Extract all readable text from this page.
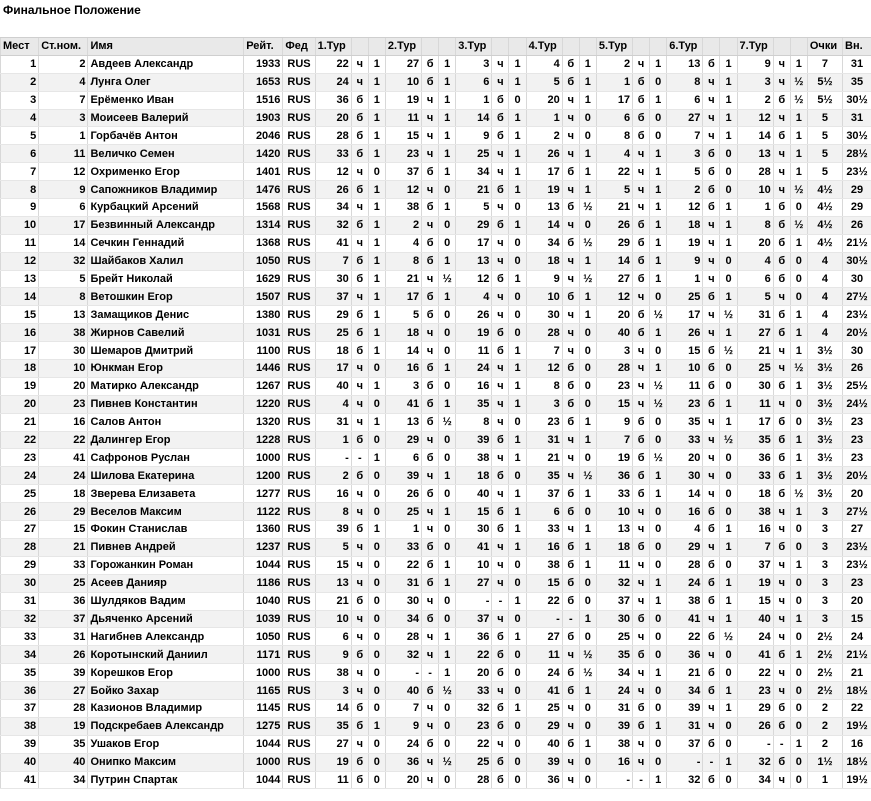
Финальное Положение
Мест	Ст.ном.	Имя	Рейт.	Фед	1.Тур			2.Тур			3.Тур			4.Тур			5.Тур			6.Тур			7.Тур			Очки	Вн.
1	2	Авдеев Александр	1933	RUS	22	ч	1	27	б	1	3	ч	1	4	б	1	2	ч	1	13	б	1	9	ч	1	7	31
2	4	Лунга Олег	1653	RUS	24	ч	1	10	б	1	6	ч	1	5	б	1	1	б	0	8	ч	1	3	ч	½	5½	35
3	7	Ерёменко Иван	1516	RUS	36	б	1	19	ч	1	1	б	0	20	ч	1	17	б	1	6	ч	1	2	б	½	5½	30½
4	3	Моисеев Валерий	1903	RUS	20	б	1	11	ч	1	14	б	1	1	ч	0	6	б	0	27	ч	1	12	ч	1	5	31
5	1	Горбачёв Антон	2046	RUS	28	б	1	15	ч	1	9	б	1	2	ч	0	8	б	0	7	ч	1	14	б	1	5	30½
6	11	Величко Семен	1420	RUS	33	б	1	23	ч	1	25	ч	1	26	ч	1	4	ч	1	3	б	0	13	ч	1	5	28½
7	12	Охрименко Егор	1401	RUS	12	ч	0	37	б	1	34	ч	1	17	б	1	22	ч	1	5	б	0	28	ч	1	5	23½
8	9	Сапожников Владимир	1476	RUS	26	б	1	12	ч	0	21	б	1	19	ч	1	5	ч	1	2	б	0	10	ч	½	4½	29
9	6	Курбацкий Арсений	1568	RUS	34	ч	1	38	б	1	5	ч	0	13	б	½	21	ч	1	12	б	1	1	б	0	4½	29
10	17	Безвинный Александр	1314	RUS	32	б	1	2	ч	0	29	б	1	14	ч	0	26	б	1	18	ч	1	8	б	½	4½	26
11	14	Сечкин Геннадий	1368	RUS	41	ч	1	4	б	0	17	ч	0	34	б	½	29	б	1	19	ч	1	20	б	1	4½	21½
12	32	Шайбаков Халил	1050	RUS	7	б	1	8	б	1	13	ч	0	18	ч	1	14	б	1	9	ч	0	4	б	0	4	30½
13	5	Брейт Николай	1629	RUS	30	б	1	21	ч	½	12	б	1	9	ч	½	27	б	1	1	ч	0	6	б	0	4	30
14	8	Ветошкин Егор	1507	RUS	37	ч	1	17	б	1	4	ч	0	10	б	1	12	ч	0	25	б	1	5	ч	0	4	27½
15	13	Замащиков Денис	1380	RUS	29	б	1	5	б	0	26	ч	0	30	ч	1	20	б	½	17	ч	½	31	б	1	4	23½
16	38	Жирнов Савелий	1031	RUS	25	б	1	18	ч	0	19	б	0	28	ч	0	40	б	1	26	ч	1	27	б	1	4	20½
17	30	Шемаров Дмитрий	1100	RUS	18	б	1	14	ч	0	11	б	1	7	ч	0	3	ч	0	15	б	½	21	ч	1	3½	30
18	10	Юнкман Егор	1446	RUS	17	ч	0	16	б	1	24	ч	1	12	б	0	28	ч	1	10	б	0	25	ч	½	3½	26
19	20	Матирко Александр	1267	RUS	40	ч	1	3	б	0	16	ч	1	8	б	0	23	ч	½	11	б	0	30	б	1	3½	25½
20	23	Пивнев Константин	1220	RUS	4	ч	0	41	б	1	35	ч	1	3	б	0	15	ч	½	23	б	1	11	ч	0	3½	24½
21	16	Салов Антон	1320	RUS	31	ч	1	13	б	½	8	ч	0	23	б	1	9	б	0	35	ч	1	17	б	0	3½	23
22	22	Далингер Егор	1228	RUS	1	б	0	29	ч	0	39	б	1	31	ч	1	7	б	0	33	ч	½	35	б	1	3½	23
23	41	Сафронов Руслан	1000	RUS	-	-	1	6	б	0	38	ч	1	21	ч	0	19	б	½	20	ч	0	36	б	1	3½	23
24	24	Шилова Екатерина	1200	RUS	2	б	0	39	ч	1	18	б	0	35	ч	½	36	б	1	30	ч	0	33	б	1	3½	20½
25	18	Зверева Елизавета	1277	RUS	16	ч	0	26	б	0	40	ч	1	37	б	1	33	б	1	14	ч	0	18	б	½	3½	20
26	29	Веселов Максим	1122	RUS	8	ч	0	25	ч	1	15	б	1	6	б	0	10	ч	0	16	б	0	38	ч	1	3	27½
27	15	Фокин Станислав	1360	RUS	39	б	1	1	ч	0	30	б	1	33	ч	1	13	ч	0	4	б	1	16	ч	0	3	27
28	21	Пивнев Андрей	1237	RUS	5	ч	0	33	б	0	41	ч	1	16	б	1	18	б	0	29	ч	1	7	б	0	3	23½
29	33	Горожанкин Роман	1044	RUS	15	ч	0	22	б	1	10	ч	0	38	б	1	11	ч	0	28	б	0	37	ч	1	3	23½
30	25	Асеев Данияр	1186	RUS	13	ч	0	31	б	1	27	ч	0	15	б	0	32	ч	1	24	б	1	19	ч	0	3	23
31	36	Шулдяков Вадим	1040	RUS	21	б	0	30	ч	0	-	-	1	22	б	0	37	ч	1	38	б	1	15	ч	0	3	20
32	37	Дьяченко Арсений	1039	RUS	10	ч	0	34	б	0	37	ч	0	-	-	1	30	б	0	41	ч	1	40	ч	1	3	15
33	31	Нагибнев Александр	1050	RUS	6	ч	0	28	ч	1	36	б	1	27	б	0	25	ч	0	22	б	½	24	ч	0	2½	24
34	26	Коротынский Даниил	1171	RUS	9	б	0	32	ч	1	22	б	0	11	ч	½	35	б	0	36	ч	0	41	б	1	2½	21½
35	39	Корешков Егор	1000	RUS	38	ч	0	-	-	1	20	б	0	24	б	½	34	ч	1	21	б	0	22	ч	0	2½	21
36	27	Бойко Захар	1165	RUS	3	ч	0	40	б	½	33	ч	0	41	б	1	24	ч	0	34	б	1	23	ч	0	2½	18½
37	28	Казионов Владимир	1145	RUS	14	б	0	7	ч	0	32	б	1	25	ч	0	31	б	0	39	ч	1	29	б	0	2	22
38	19	Подскребаев Александр	1275	RUS	35	б	1	9	ч	0	23	б	0	29	ч	0	39	б	1	31	ч	0	26	б	0	2	19½
39	35	Ушаков Егор	1044	RUS	27	ч	0	24	б	0	22	ч	0	40	б	1	38	ч	0	37	б	0	-	-	1	2	16
40	40	Онипко Максим	1000	RUS	19	б	0	36	ч	½	25	б	0	39	ч	0	16	ч	0	-	-	1	32	б	0	1½	18½
41	34	Путрин Спартак	1044	RUS	11	б	0	20	ч	0	28	б	0	36	ч	0	-	-	1	32	б	0	34	ч	0	1	19½
